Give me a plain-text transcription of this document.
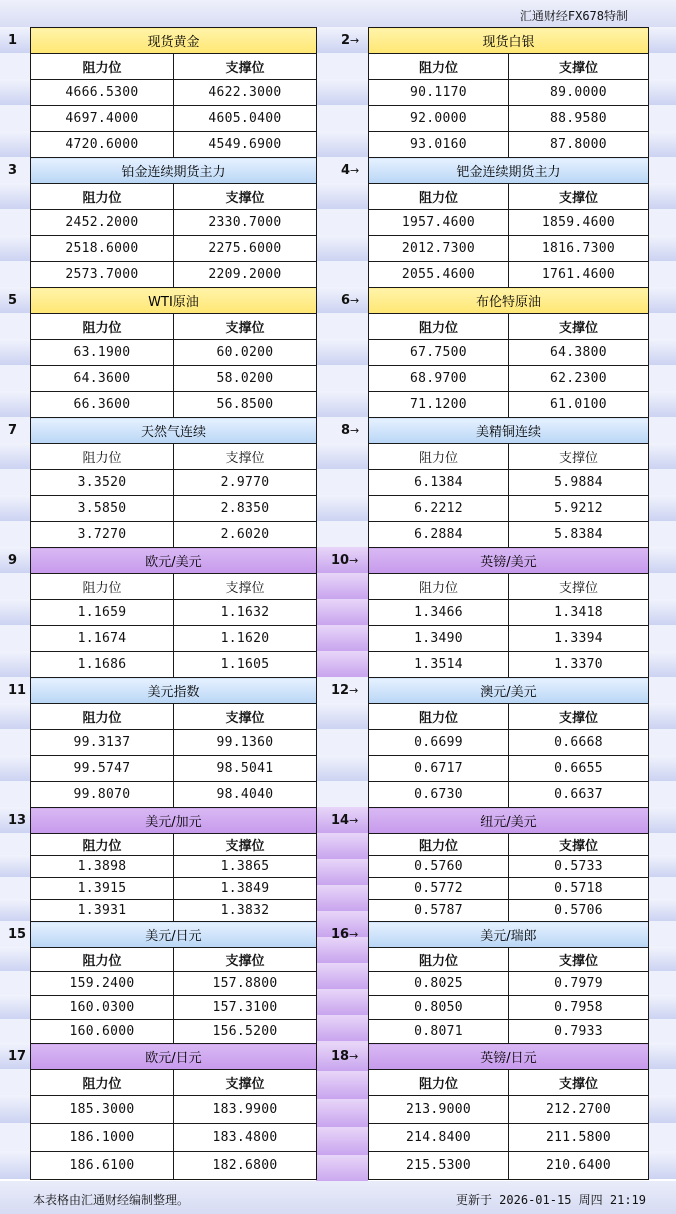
汇通财经FX678特制
1	2→
3	4→
5	6→
7	8→
9	10→
11	12→
13	14→
15	16→
17	18→
现货黄金	
阻力位	支撑位
4666.5300	4622.3000
4697.4000	4605.0400
4720.6000	4549.6900
铂金连续期货主力	
阻力位	支撑位
2452.2000	2330.7000
2518.6000	2275.6000
2573.7000	2209.2000
WTI原油	
阻力位	支撑位
63.1900	60.0200
64.3600	58.0200
66.3600	56.8500
天然气连续	
阻力位	支撑位
3.3520	2.9770
3.5850	2.8350
3.7270	2.6020
欧元/美元	
阻力位	支撑位
1.1659	1.1632
1.1674	1.1620
1.1686	1.1605
美元指数	
阻力位	支撑位
99.3137	99.1360
99.5747	98.5041
99.8070	98.4040
美元/加元	
阻力位	支撑位
1.3898	1.3865
1.3915	1.3849
1.3931	1.3832
美元/日元	
阻力位	支撑位
159.2400	157.8800
160.0300	157.3100
160.6000	156.5200
欧元/日元	
阻力位	支撑位
185.3000	183.9900
186.1000	183.4800
186.6100	182.6800
现货白银	
阻力位	支撑位
90.1170	89.0000
92.0000	88.9580
93.0160	87.8000
钯金连续期货主力	
阻力位	支撑位
1957.4600	1859.4600
2012.7300	1816.7300
2055.4600	1761.4600
布伦特原油	
阻力位	支撑位
67.7500	64.3800
68.9700	62.2300
71.1200	61.0100
美精铜连续	
阻力位	支撑位
6.1384	5.9884
6.2212	5.9212
6.2884	5.8384
英镑/美元	
阻力位	支撑位
1.3466	1.3418
1.3490	1.3394
1.3514	1.3370
澳元/美元	
阻力位	支撑位
0.6699	0.6668
0.6717	0.6655
0.6730	0.6637
纽元/美元	
阻力位	支撑位
0.5760	0.5733
0.5772	0.5718
0.5787	0.5706
美元/瑞郎	
阻力位	支撑位
0.8025	0.7979
0.8050	0.7958
0.8071	0.7933
英镑/日元	
阻力位	支撑位
213.9000	212.2700
214.8400	211.5800
215.5300	210.6400
本表格由汇通财经编制整理。	更新于 2026-01-15 周四 21:19
